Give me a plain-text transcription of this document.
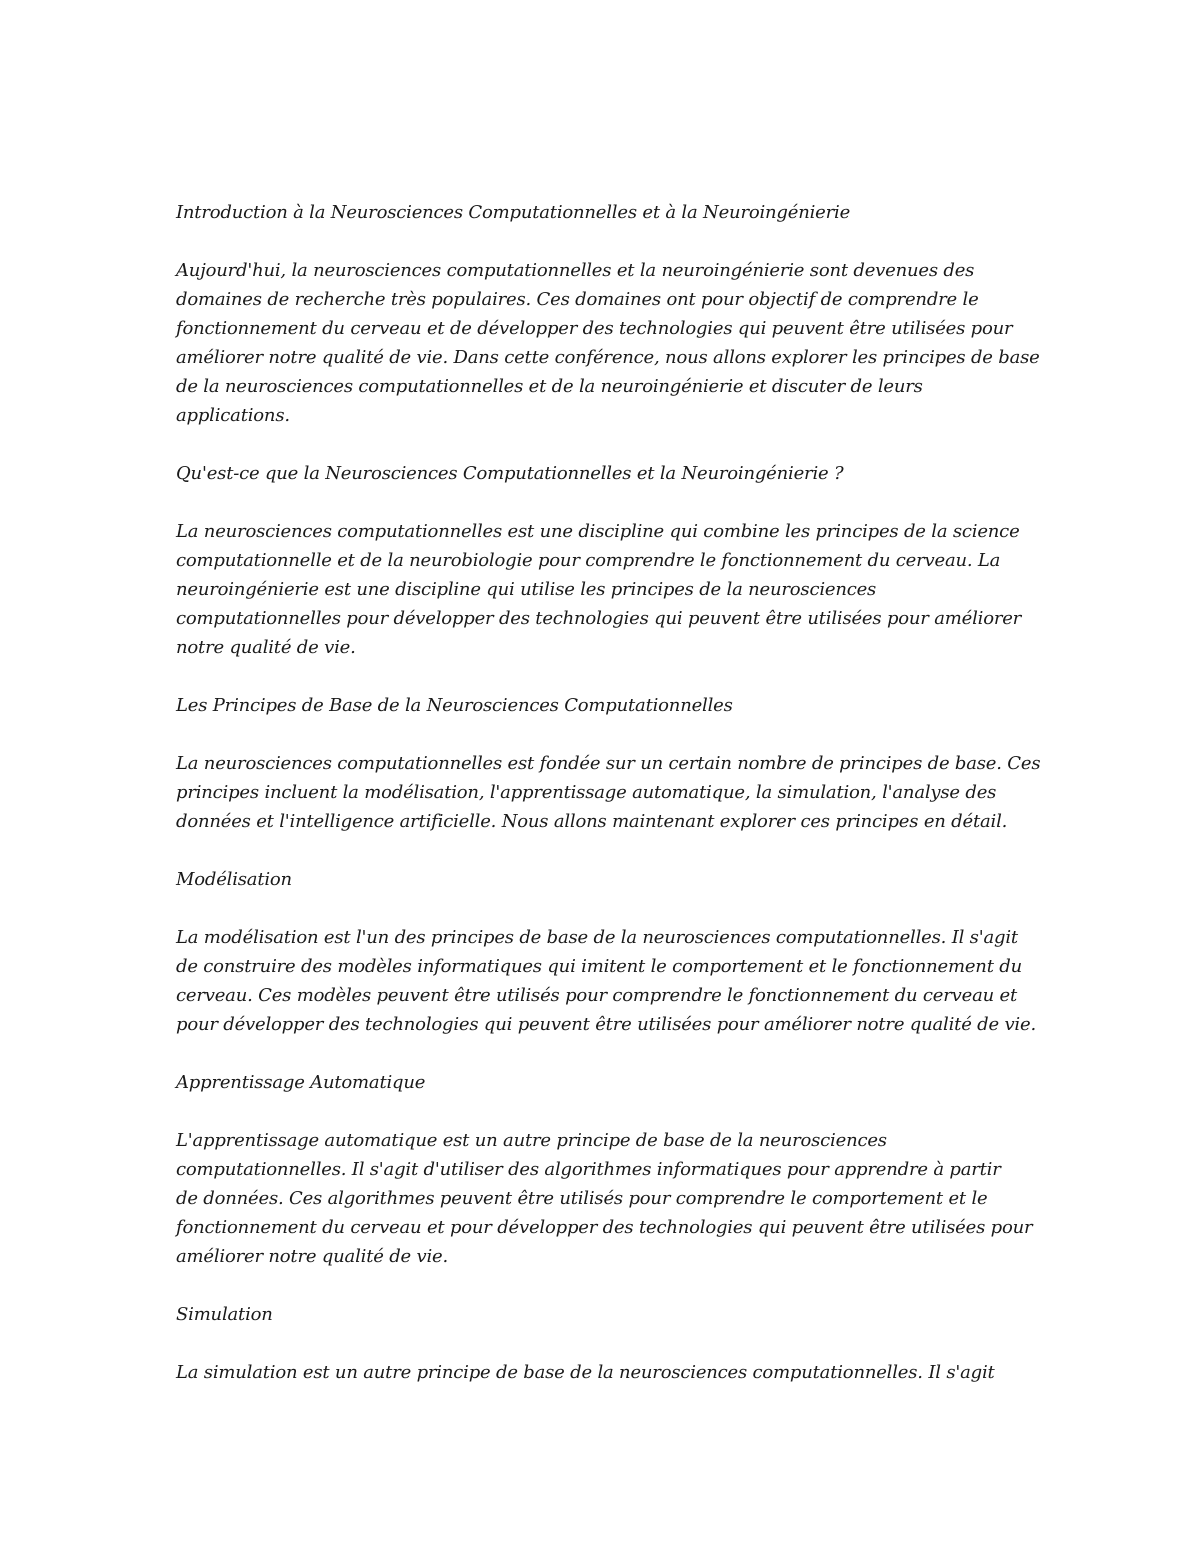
Introduction à la Neurosciences Computationnelles et à la Neuroingénierie
Aujourd'hui, la neurosciences computationnelles et la neuroingénierie sont devenues des
domaines de recherche très populaires. Ces domaines ont pour objectif de comprendre le
fonctionnement du cerveau et de développer des technologies qui peuvent être utilisées pour
améliorer notre qualité de vie. Dans cette conférence, nous allons explorer les principes de base
de la neurosciences computationnelles et de la neuroingénierie et discuter de leurs
applications.
Qu'est-ce que la Neurosciences Computationnelles et la Neuroingénierie ?
La neurosciences computationnelles est une discipline qui combine les principes de la science
computationnelle et de la neurobiologie pour comprendre le fonctionnement du cerveau. La
neuroingénierie est une discipline qui utilise les principes de la neurosciences
computationnelles pour développer des technologies qui peuvent être utilisées pour améliorer
notre qualité de vie.
Les Principes de Base de la Neurosciences Computationnelles
La neurosciences computationnelles est fondée sur un certain nombre de principes de base. Ces
principes incluent la modélisation, l'apprentissage automatique, la simulation, l'analyse des
données et l'intelligence artificielle. Nous allons maintenant explorer ces principes en détail.
Modélisation
La modélisation est l'un des principes de base de la neurosciences computationnelles. Il s'agit
de construire des modèles informatiques qui imitent le comportement et le fonctionnement du
cerveau. Ces modèles peuvent être utilisés pour comprendre le fonctionnement du cerveau et
pour développer des technologies qui peuvent être utilisées pour améliorer notre qualité de vie.
Apprentissage Automatique
L'apprentissage automatique est un autre principe de base de la neurosciences
computationnelles. Il s'agit d'utiliser des algorithmes informatiques pour apprendre à partir
de données. Ces algorithmes peuvent être utilisés pour comprendre le comportement et le
fonctionnement du cerveau et pour développer des technologies qui peuvent être utilisées pour
améliorer notre qualité de vie.
Simulation
La simulation est un autre principe de base de la neurosciences computationnelles. Il s'agit
